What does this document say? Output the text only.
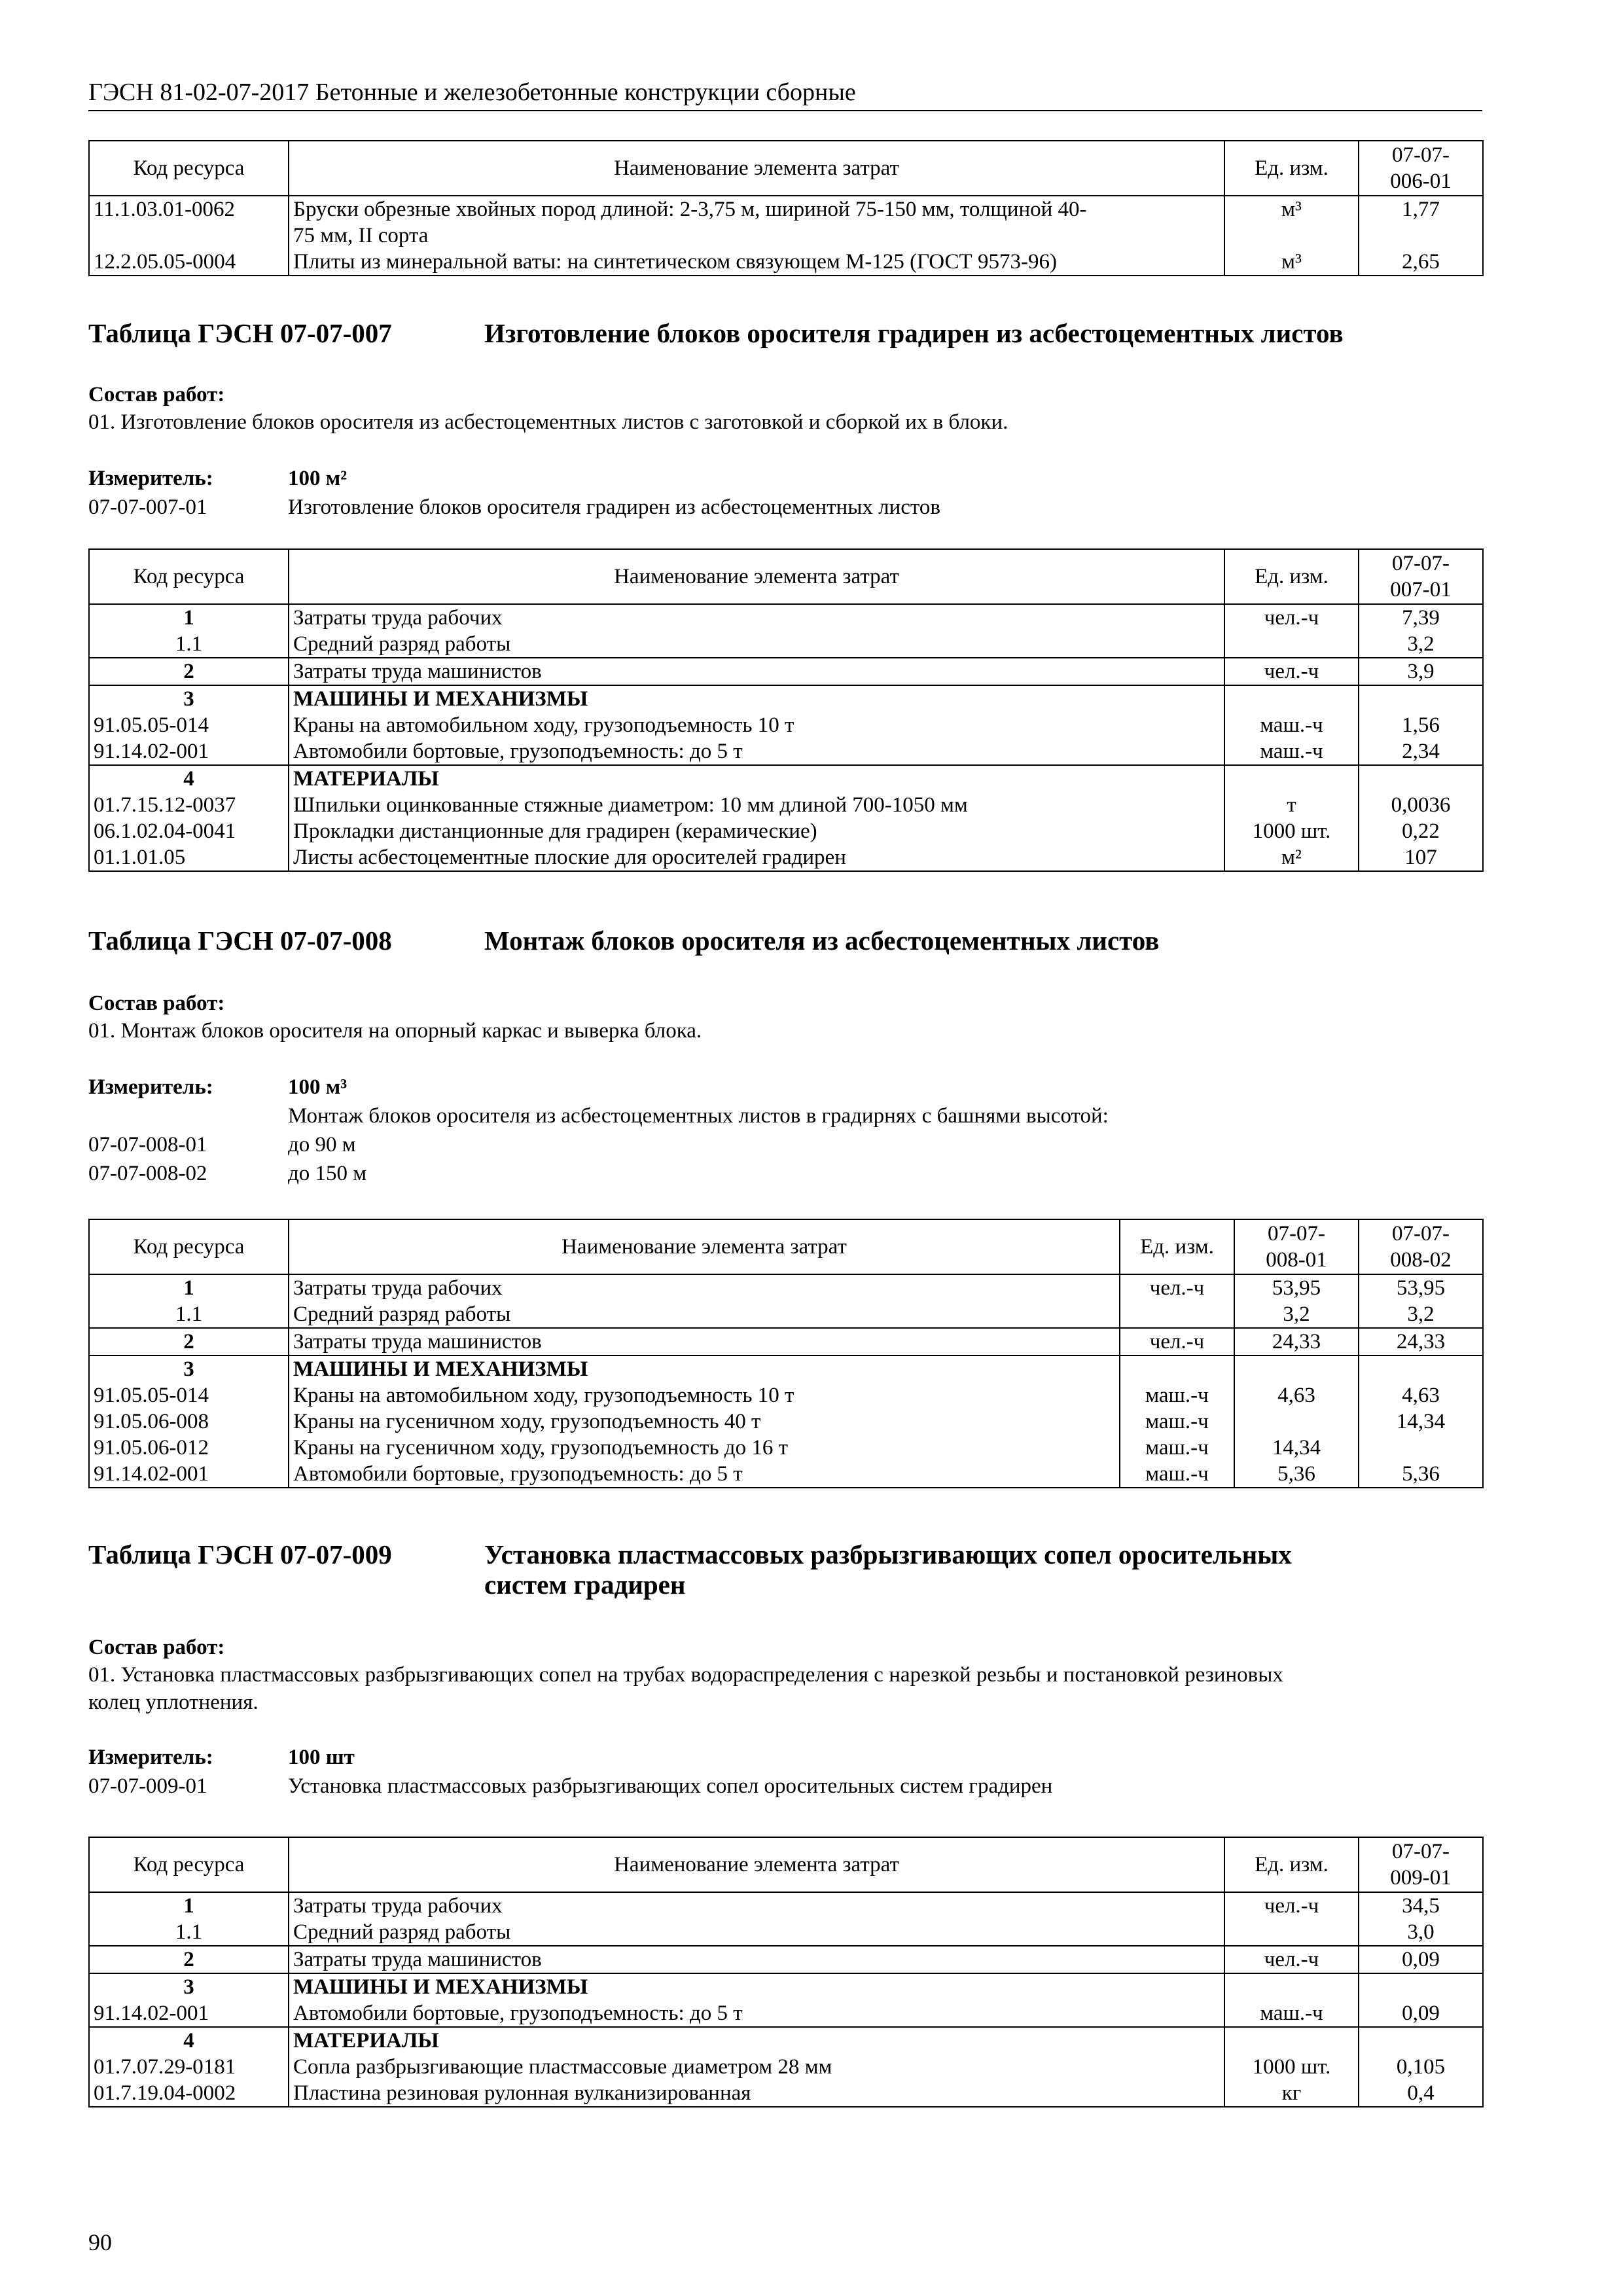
ГЭСН 81-02-07-2017 Бетонные и железобетонные конструкции сборные
Код ресурса	Наименование элемента затрат	Ед. изм.	07-07-
006-01
11.1.03.01-0062	Бруски обрезные хвойных пород длиной: 2-3,75 м, шириной 75-150 мм, толщиной 40-
75 мм, II сорта	м³	1,77
12.2.05.05-0004	Плиты из минеральной ваты: на синтетическом связующем М-125 (ГОСТ 9573-96)	м³	2,65
Таблица ГЭСН 07-07-007	Изготовление блоков оросителя градирен из асбестоцементных листов
Состав работ:
01. Изготовление блоков оросителя из асбестоцементных листов с заготовкой и сборкой их в блоки.
Измеритель:	100 м²
07-07-007-01	Изготовление блоков оросителя градирен из асбестоцементных листов
Код ресурса	Наименование элемента затрат	Ед. изм.	07-07-
007-01
1	Затраты труда рабочих	чел.-ч	7,39
1.1	Средний разряд работы		3,2
2	Затраты труда машинистов	чел.-ч	3,9
3	МАШИНЫ И МЕХАНИЗМЫ		
91.05.05-014	Краны на автомобильном ходу, грузоподъемность 10 т	маш.-ч	1,56
91.14.02-001	Автомобили бортовые, грузоподъемность: до 5 т	маш.-ч	2,34
4	МАТЕРИАЛЫ		
01.7.15.12-0037	Шпильки оцинкованные стяжные диаметром: 10 мм длиной 700-1050 мм	т	0,0036
06.1.02.04-0041	Прокладки дистанционные для градирен (керамические)	1000 шт.	0,22
01.1.01.05	Листы асбестоцементные плоские для оросителей градирен	м²	107
Таблица ГЭСН 07-07-008	Монтаж блоков оросителя из асбестоцементных листов
Состав работ:
01. Монтаж блоков оросителя на опорный каркас и выверка блока.
Измеритель:	100 м³
Монтаж блоков оросителя из асбестоцементных листов в градирнях с башнями высотой:
07-07-008-01	до 90 м
07-07-008-02	до 150 м
Код ресурса	Наименование элемента затрат	Ед. изм.	07-07-
008-01	07-07-
008-02
1	Затраты труда рабочих	чел.-ч	53,95	53,95
1.1	Средний разряд работы		3,2	3,2
2	Затраты труда машинистов	чел.-ч	24,33	24,33
3	МАШИНЫ И МЕХАНИЗМЫ			
91.05.05-014	Краны на автомобильном ходу, грузоподъемность 10 т	маш.-ч	4,63	4,63
91.05.06-008	Краны на гусеничном ходу, грузоподъемность 40 т	маш.-ч		14,34
91.05.06-012	Краны на гусеничном ходу, грузоподъемность до 16 т	маш.-ч	14,34	
91.14.02-001	Автомобили бортовые, грузоподъемность: до 5 т	маш.-ч	5,36	5,36
Таблица ГЭСН 07-07-009	Установка пластмассовых разбрызгивающих сопел оросительных
систем градирен
Состав работ:
01. Установка пластмассовых разбрызгивающих сопел на трубах водораспределения с нарезкой резьбы и постановкой резиновых
колец уплотнения.
Измеритель:	100 шт
07-07-009-01	Установка пластмассовых разбрызгивающих сопел оросительных систем градирен
Код ресурса	Наименование элемента затрат	Ед. изм.	07-07-
009-01
1	Затраты труда рабочих	чел.-ч	34,5
1.1	Средний разряд работы		3,0
2	Затраты труда машинистов	чел.-ч	0,09
3	МАШИНЫ И МЕХАНИЗМЫ		
91.14.02-001	Автомобили бортовые, грузоподъемность: до 5 т	маш.-ч	0,09
4	МАТЕРИАЛЫ		
01.7.07.29-0181	Сопла разбрызгивающие пластмассовые диаметром 28 мм	1000 шт.	0,105
01.7.19.04-0002	Пластина резиновая рулонная вулканизированная	кг	0,4
90
